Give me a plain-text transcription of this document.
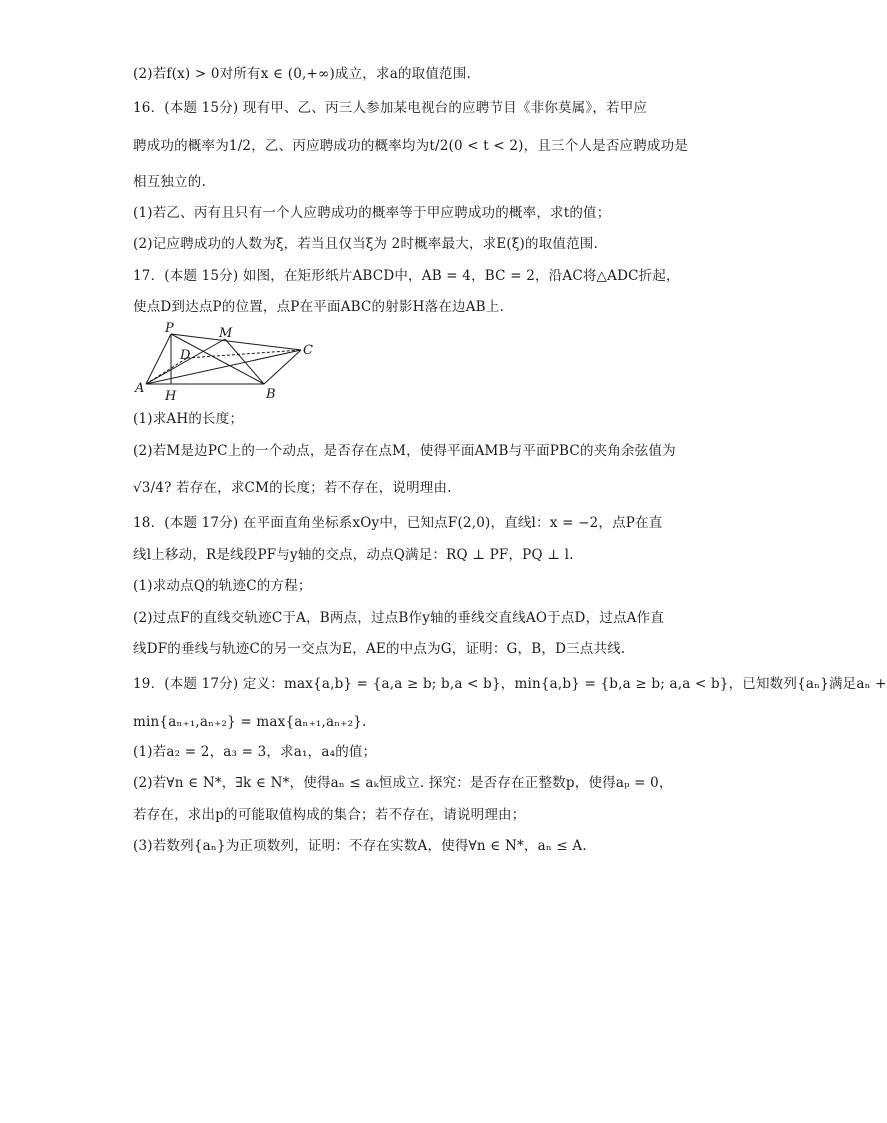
(2)若f(x) > 0对所有x ∈ (0,+∞)成立，求a的取值范围.
16．(本题 15分) 现有甲、乙、丙三人参加某电视台的应聘节目《非你莫属》，若甲应
聘成功的概率为1/2，乙、丙应聘成功的概率均为t/2(0 < t < 2)，且三个人是否应聘成功是
相互独立的.
(1)若乙、丙有且只有一个人应聘成功的概率等于甲应聘成功的概率，求t的值；
(2)记应聘成功的人数为ξ，若当且仅当ξ为 2时概率最大，求E(ξ)的取值范围.
17．(本题 15分) 如图，在矩形纸片ABCD中，AB = 4，BC = 2，沿AC将△ADC折起，
使点D到达点P的位置，点P在平面ABC的射影H落在边AB上.
P	M
C
D
A
H	B
(1)求AH的长度；
(2)若M是边PC上的一个动点，是否存在点M，使得平面AMB与平面PBC的夹角余弦值为
√3/4? 若存在，求CM的长度；若不存在，说明理由.
18．(本题 17分) 在平面直角坐标系xOy中，已知点F(2,0)，直线l：x = −2，点P在直
线l上移动，R是线段PF与y轴的交点，动点Q满足：RQ ⊥ PF，PQ ⊥ l.
(1)求动点Q的轨迹C的方程；
(2)过点F的直线交轨迹C于A，B两点，过点B作y轴的垂线交直线AO于点D，过点A作直
线DF的垂线与轨迹C的另一交点为E，AE的中点为G，证明：G，B，D三点共线.
19．(本题 17分) 定义：max{a,b} = {a,a ≥ b; b,a < b}，min{a,b} = {b,a ≥ b; a,a < b}，已知数列{aₙ}满足aₙ +
min{aₙ₊₁,aₙ₊₂} = max{aₙ₊₁,aₙ₊₂}.
(1)若a₂ = 2，a₃ = 3，求a₁，a₄的值；
(2)若∀n ∈ N*，∃k ∈ N*，使得aₙ ≤ aₖ恒成立. 探究：是否存在正整数p，使得aₚ = 0，
若存在，求出p的可能取值构成的集合；若不存在，请说明理由；
(3)若数列{aₙ}为正项数列，证明：不存在实数A，使得∀n ∈ N*，aₙ ≤ A.
